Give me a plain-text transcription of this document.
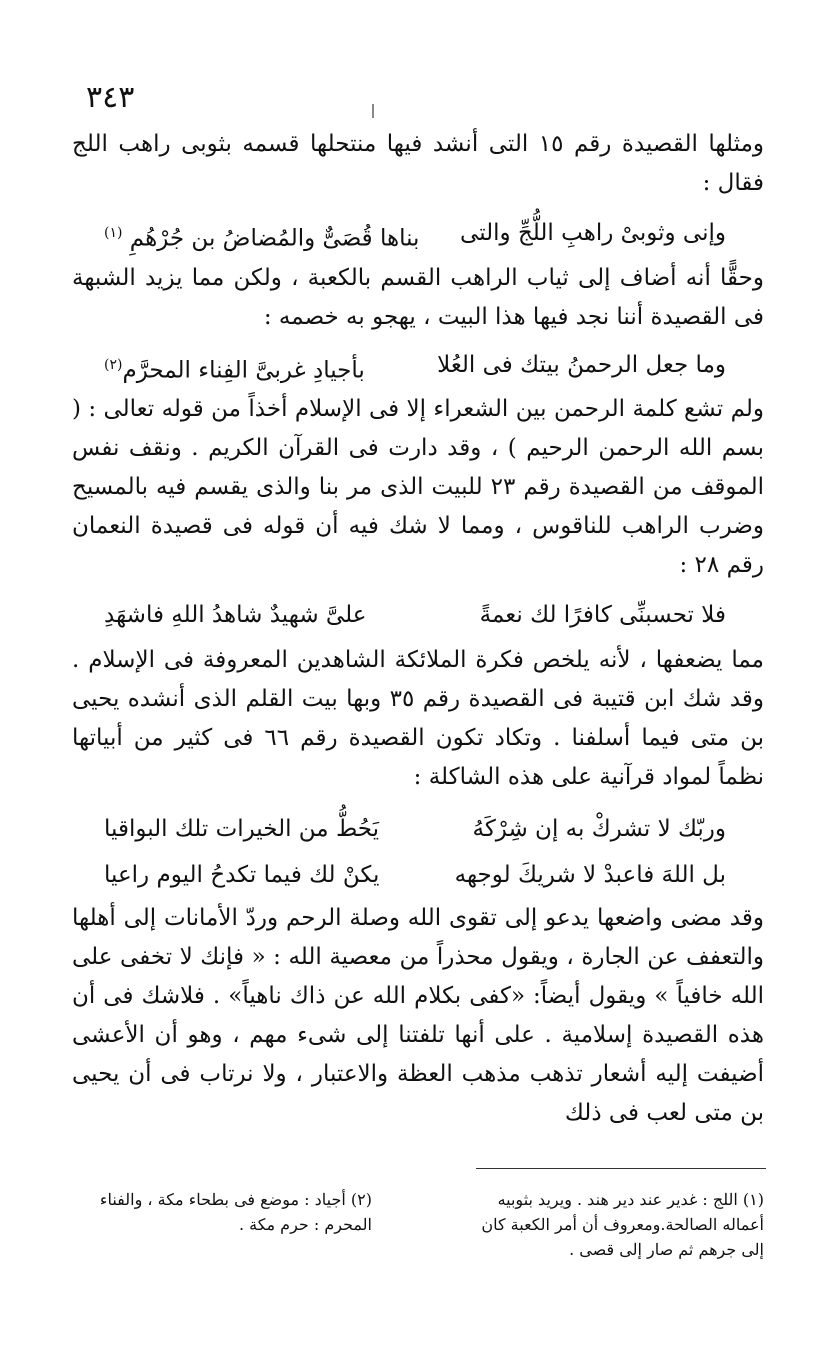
٣٤٣

ومثلها القصيدة رقم ١٥ التى أنشد فيها منتحلها قسمه بثوبى راهب اللج فقال :

وإنى وثوبىْ راهبِ اللُّجِّ والتى
بناها قُصَىٌّ والمُضاضُ بن جُرْهُمِ $^{(١)}$

وحقًّا أنه أضاف إلى ثياب الراهب القسم بالكعبة ، ولكن مما يزيد الشبهة فى القصيدة أننا نجد فيها هذا البيت ، يهجو به خصمه :

وما جعل الرحمنُ بيتك فى العُلا
بأجيادِ غربىَّ الفِناء المحرَّم$^{(٢)}$

ولم تشع كلمة الرحمن بين الشعراء إلا فى الإسلام أخذاً من قوله تعالى : ( بسم الله الرحمن الرحيم ) ، وقد دارت فى القرآن الكريم . ونقف نفس الموقف من القصيدة رقم ٢٣ للبيت الذى مر بنا والذى يقسم فيه بالمسيح وضرب الراهب للناقوس ، ومما لا شك فيه أن قوله فى قصيدة النعمان رقم ٢٨ :

فلا تحسبنِّى كافرًا لك نعمةً
علىَّ شهيدٌ شاهدُ اللهِ فاشهَدِ

مما يضعفها ، لأنه يلخص فكرة الملائكة الشاهدين المعروفة فى الإسلام . وقد شك ابن قتيبة فى القصيدة رقم ٣٥ وبها بيت القلم الذى أنشده يحيى بن متى فيما أسلفنا . وتكاد تكون القصيدة رقم ٦٦ فى كثير من أبياتها نظماً لمواد قرآنية على هذه الشاكلة :

وربّك لا تشركْ به إن شِرْكَهُ
يَحُطُّ من الخيرات تلك البواقيا
بل اللهَ فاعبدْ لا شريكَ لوجهه
يكنْ لك فيما تكدحُ اليوم راعيا

وقد مضى واضعها يدعو إلى تقوى الله وصلة الرحم وردّ الأمانات إلى أهلها والتعفف عن الجارة ، ويقول محذراً من معصية الله : « فإنك لا تخفى على الله خافياً » ويقول أيضاً: «كفى بكلام الله عن ذاك ناهياً» . فلاشك فى أن هذه القصيدة إسلامية . على أنها تلفتنا إلى شىء مهم ، وهو أن الأعشى أضيفت إليه أشعار تذهب مذهب العظة والاعتبار ، ولا نرتاب فى أن يحيى بن متى لعب فى ذلك

(١) اللج : غدير عند دير هند . ويريد بثوبيه أعماله الصالحة.ومعروف أن أمر الكعبة كان إلى جرهم ثم صار إلى قصى .
(٢) أجياد : موضع فى بطحاء مكة ، والفناء المحرم : حرم مكة .
